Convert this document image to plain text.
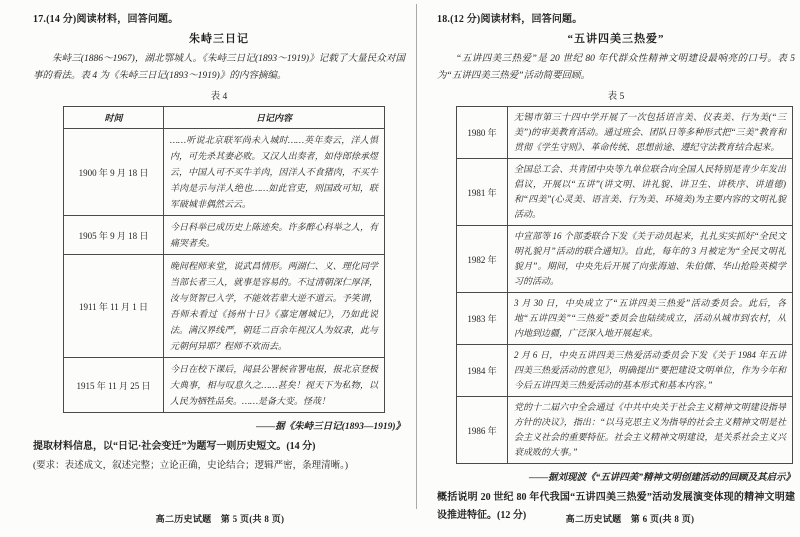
17.(14 分)阅读材料，回答问题。
朱峙三日记
朱峙三(1886～1967)，湖北鄂城人。《朱峙三日记(1893～1919)》记载了大量民众对国事的看法。表 4 为《朱峙三日记(1893～1919)》的内容摘编。
表 4
时间	日记内容
1900 年 9 月 18 日	……听说北京联军尚未入城时……英年奏云，洋人惧内，可先杀其妻必败。又汉人出奏者，如侍郎徐承煜云，中国人可不买牛羊肉，因洋人不食猪肉，不买牛羊肉是示与洋人绝也……如此官吏，则国政可知，联军破城非偶然云云。
1905 年 9 月 18 日	今日科举已成历史上陈迹矣。许多醉心科举之人，有痛哭者矣。
1911 年 11 月 1 日	晚间程师来堂，说武昌情形。两湖仁、义、理化同学当部长者三人，就事是容易的。不过清朝深仁厚泽，汝与贤智已入学，不能效若辈大逆不道云。予笑谓，吾师未看过《扬州十日》《嘉定屠城记》，乃如此说法。满汉界线严，朝廷二百余年视汉人为奴隶，此与元朝何异耶？程师不欢而去。
1915 年 11 月 25 日	今日在校下课后，闻县公署候省署电报，报北京登极大典事，相与叹息久之……甚矣！视天下为私物，以人民为牺牲品矣。……是备大变。怪哉！
——据《朱峙三日记(1893—1919)》
提取材料信息，以“日记·社会变迁”为题写一则历史短文。(14 分)
(要求：表述成文，叙述完整；立论正确，史论结合；逻辑严密，条理清晰。)
18.(12 分)阅读材料，回答问题。
“五讲四美三热爱”
“五讲四美三热爱”是 20 世纪 80 年代群众性精神文明建设最响亮的口号。表 5 为“五讲四美三热爱”活动简要回顾。
表 5
1980 年	无锡市第三十四中学开展了一次包括语言美、仪表美、行为美(“三美”)的审美教育活动。通过班会、团队日等多种形式把“三美”教育和贯彻《学生守则》、革命传统、思想前途、遵纪守法教育结合起来。
1981 年	全国总工会、共青团中央等九单位联合向全国人民特别是青少年发出倡议，开展以“五讲”(讲文明、讲礼貌、讲卫生、讲秩序、讲道德)和“四美”(心灵美、语言美、行为美、环境美)为主要内容的文明礼貌活动。
1982 年	中宣部等 16 个部委联合下发《关于动员起来，扎扎实实抓好“全民文明礼貌月”活动的联合通知》。自此，每年的 3 月被定为“全民文明礼貌月”。期间，中央先后开展了向张海迪、朱伯儒、华山抢险英模学习的活动。
1983 年	3 月 30 日，中央成立了“五讲四美三热爱”活动委员会。此后，各地“五讲四美”“三热爱”委员会也陆续成立，活动从城市到农村，从内地到边疆，广泛深入地开展起来。
1984 年	2 月 6 日，中央五讲四美三热爱活动委员会下发《关于 1984 年五讲四美三热爱活动的意见》，明确提出“要把建设文明单位，作为今年和今后五讲四美三热爱活动的基本形式和基本内容。”
1986 年	党的十二届六中全会通过《中共中央关于社会主义精神文明建设指导方针的决议》，指出：“以马克思主义为指导的社会主义精神文明是社会主义社会的重要特征。社会主义精神文明建设，是关系社会主义兴衰成败的大事。”
——据刘现波《“五讲四美”精神文明创建活动的回顾及其启示》
概括说明 20 世纪 80 年代我国“五讲四美三热爱”活动发展演变体现的精神文明建设推进特征。(12 分)
高二历史试题　第 5 页(共 8 页)	高二历史试题　第 6 页(共 8 页)
